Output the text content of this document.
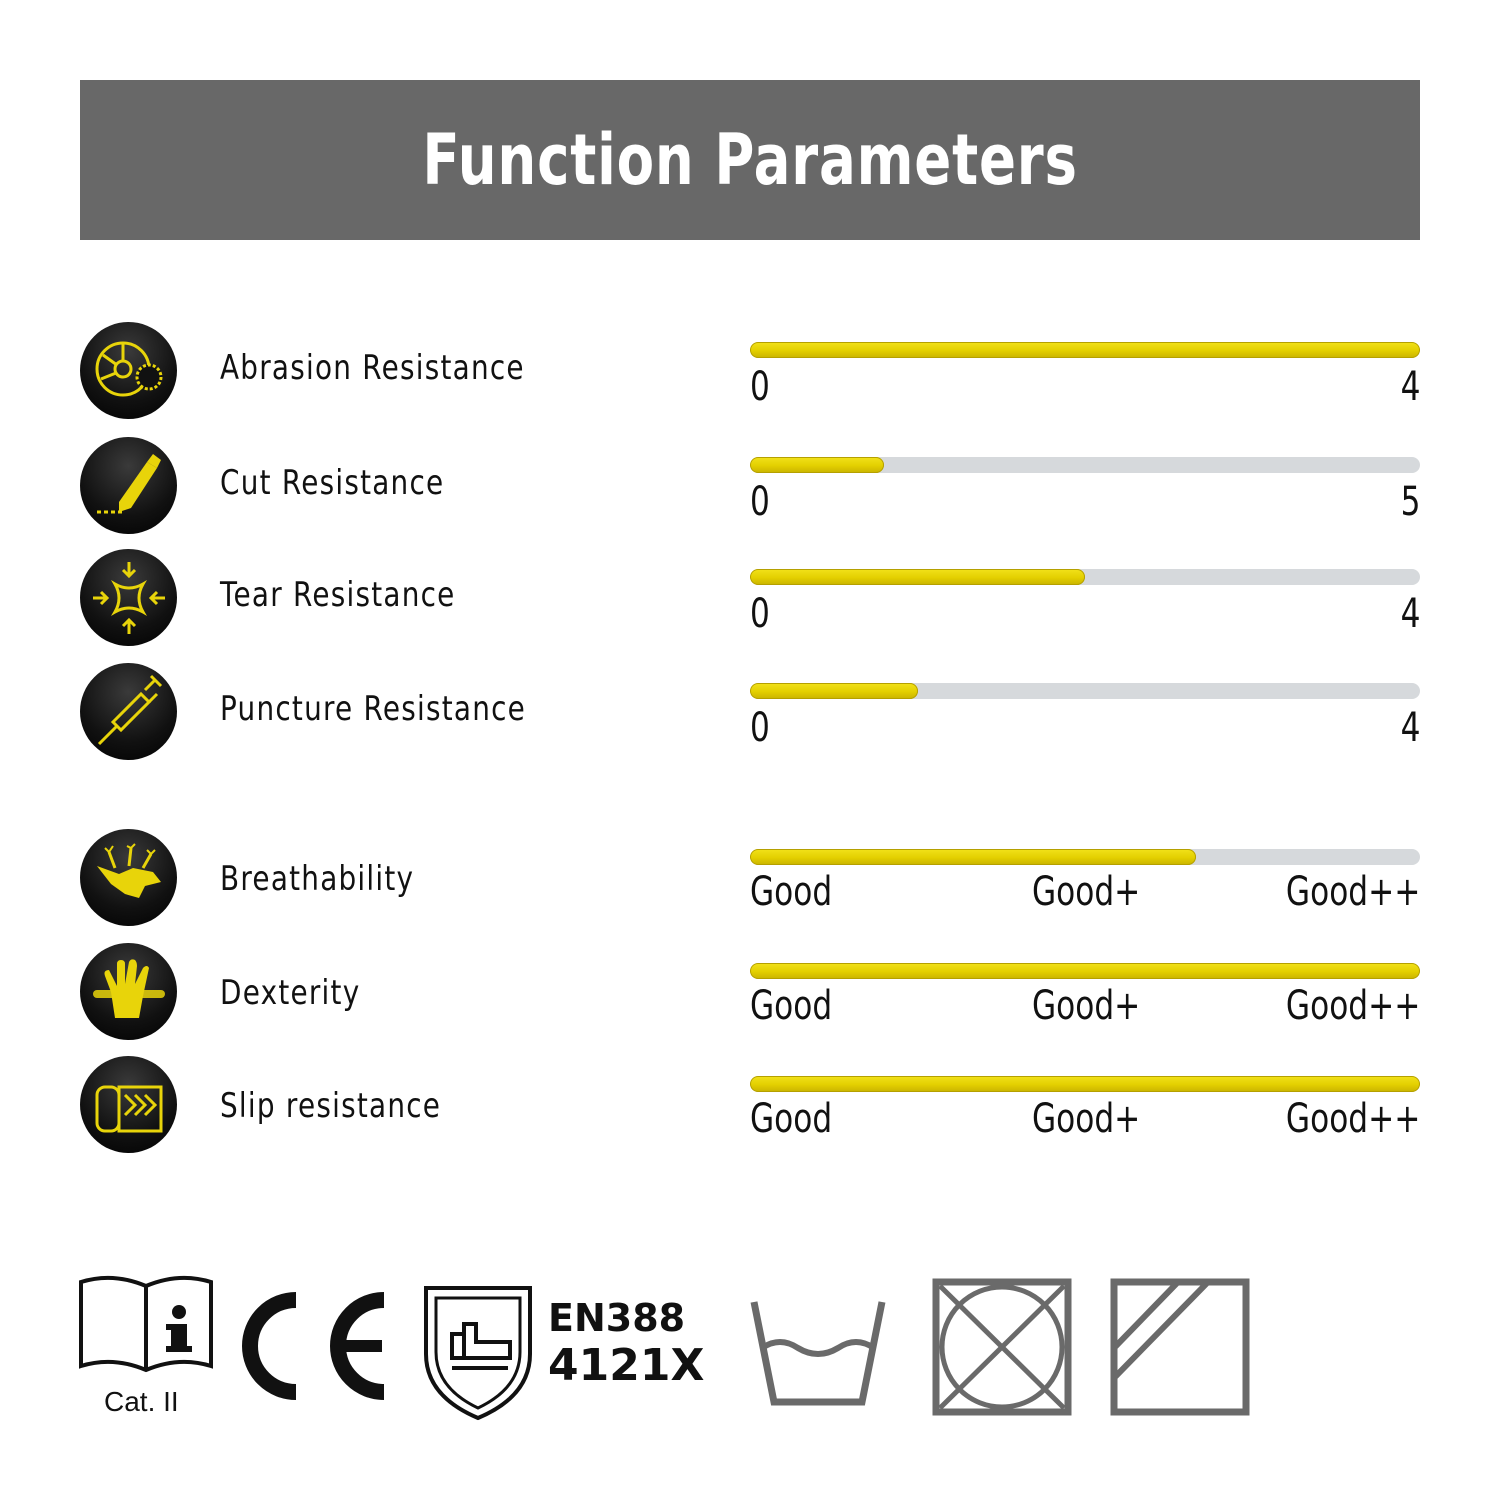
Function Parameters
Abrasion Resistance	0	4
Cut Resistance	0	5
Tear Resistance	0	4
Puncture Resistance	0	4
Breathability	Good	Good+	Good++
Dexterity	Good	Good+	Good++
Slip resistance	Good	Good+	Good++
EN388
4121X
Cat. II
